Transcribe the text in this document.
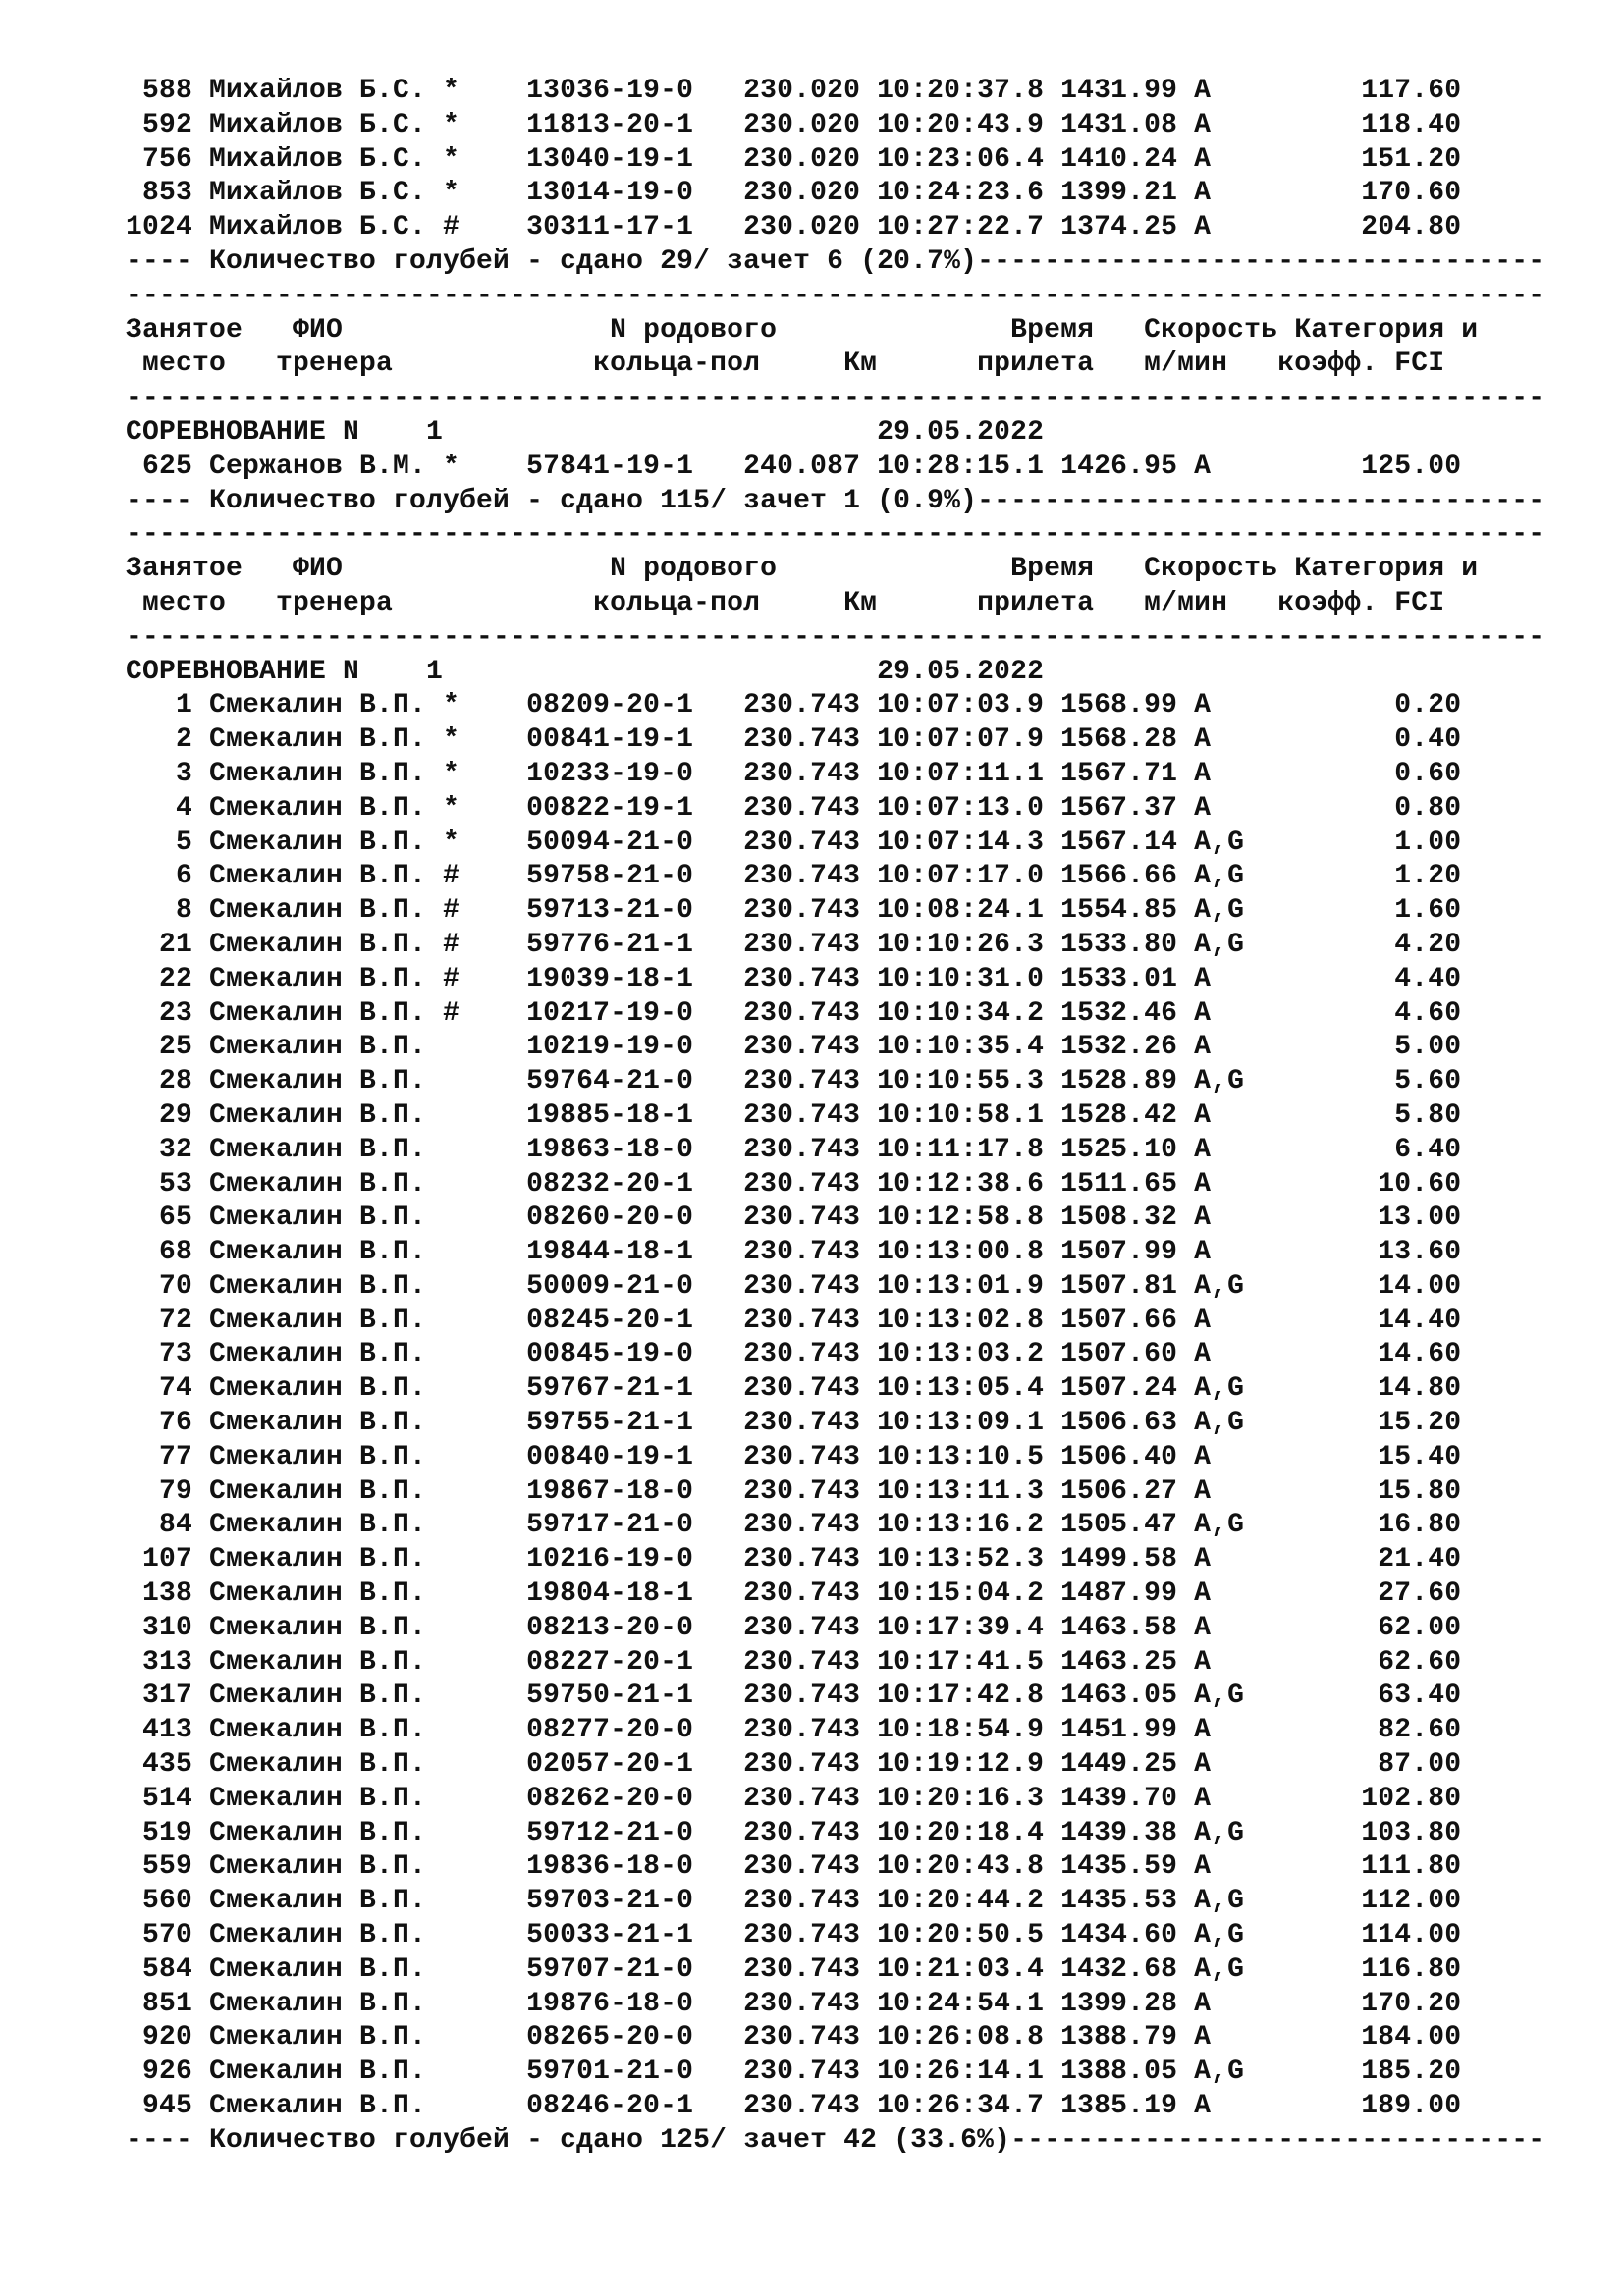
588 Михайлов Б.С. *    13036-19-0   230.020 10:20:37.8 1431.99 A         117.60
592 Михайлов Б.С. *    11813-20-1   230.020 10:20:43.9 1431.08 A         118.40
756 Михайлов Б.С. *    13040-19-1   230.020 10:23:06.4 1410.24 A         151.20
853 Михайлов Б.С. *    13014-19-0   230.020 10:24:23.6 1399.21 A         170.60
1024 Михайлов Б.С. #    30311-17-1   230.020 10:27:22.7 1374.25 A         204.80
---- Количество голубей - сдано 29/ зачет 6 (20.7%)----------------------------------
-------------------------------------------------------------------------------------
Занятое   ФИО                N родового              Время   Скорость Категория и
место   тренера            кольца-пол     Км      прилета   м/мин   коэфф. FCI
-------------------------------------------------------------------------------------
СОРЕВНОВАНИЕ N    1                          29.05.2022
625 Сержанов В.М. *    57841-19-1   240.087 10:28:15.1 1426.95 A         125.00
---- Количество голубей - сдано 115/ зачет 1 (0.9%)----------------------------------
-------------------------------------------------------------------------------------
Занятое   ФИО                N родового              Время   Скорость Категория и
место   тренера            кольца-пол     Км      прилета   м/мин   коэфф. FCI
-------------------------------------------------------------------------------------
СОРЕВНОВАНИЕ N    1                          29.05.2022
1 Смекалин В.П. *    08209-20-1   230.743 10:07:03.9 1568.99 A           0.20
2 Смекалин В.П. *    00841-19-1   230.743 10:07:07.9 1568.28 A           0.40
3 Смекалин В.П. *    10233-19-0   230.743 10:07:11.1 1567.71 A           0.60
4 Смекалин В.П. *    00822-19-1   230.743 10:07:13.0 1567.37 A           0.80
5 Смекалин В.П. *    50094-21-0   230.743 10:07:14.3 1567.14 A,G         1.00
6 Смекалин В.П. #    59758-21-0   230.743 10:07:17.0 1566.66 A,G         1.20
8 Смекалин В.П. #    59713-21-0   230.743 10:08:24.1 1554.85 A,G         1.60
21 Смекалин В.П. #    59776-21-1   230.743 10:10:26.3 1533.80 A,G         4.20
22 Смекалин В.П. #    19039-18-1   230.743 10:10:31.0 1533.01 A           4.40
23 Смекалин В.П. #    10217-19-0   230.743 10:10:34.2 1532.46 A           4.60
25 Смекалин В.П.      10219-19-0   230.743 10:10:35.4 1532.26 A           5.00
28 Смекалин В.П.      59764-21-0   230.743 10:10:55.3 1528.89 A,G         5.60
29 Смекалин В.П.      19885-18-1   230.743 10:10:58.1 1528.42 A           5.80
32 Смекалин В.П.      19863-18-0   230.743 10:11:17.8 1525.10 A           6.40
53 Смекалин В.П.      08232-20-1   230.743 10:12:38.6 1511.65 A          10.60
65 Смекалин В.П.      08260-20-0   230.743 10:12:58.8 1508.32 A          13.00
68 Смекалин В.П.      19844-18-1   230.743 10:13:00.8 1507.99 A          13.60
70 Смекалин В.П.      50009-21-0   230.743 10:13:01.9 1507.81 A,G        14.00
72 Смекалин В.П.      08245-20-1   230.743 10:13:02.8 1507.66 A          14.40
73 Смекалин В.П.      00845-19-0   230.743 10:13:03.2 1507.60 A          14.60
74 Смекалин В.П.      59767-21-1   230.743 10:13:05.4 1507.24 A,G        14.80
76 Смекалин В.П.      59755-21-1   230.743 10:13:09.1 1506.63 A,G        15.20
77 Смекалин В.П.      00840-19-1   230.743 10:13:10.5 1506.40 A          15.40
79 Смекалин В.П.      19867-18-0   230.743 10:13:11.3 1506.27 A          15.80
84 Смекалин В.П.      59717-21-0   230.743 10:13:16.2 1505.47 A,G        16.80
107 Смекалин В.П.      10216-19-0   230.743 10:13:52.3 1499.58 A          21.40
138 Смекалин В.П.      19804-18-1   230.743 10:15:04.2 1487.99 A          27.60
310 Смекалин В.П.      08213-20-0   230.743 10:17:39.4 1463.58 A          62.00
313 Смекалин В.П.      08227-20-1   230.743 10:17:41.5 1463.25 A          62.60
317 Смекалин В.П.      59750-21-1   230.743 10:17:42.8 1463.05 A,G        63.40
413 Смекалин В.П.      08277-20-0   230.743 10:18:54.9 1451.99 A          82.60
435 Смекалин В.П.      02057-20-1   230.743 10:19:12.9 1449.25 A          87.00
514 Смекалин В.П.      08262-20-0   230.743 10:20:16.3 1439.70 A         102.80
519 Смекалин В.П.      59712-21-0   230.743 10:20:18.4 1439.38 A,G       103.80
559 Смекалин В.П.      19836-18-0   230.743 10:20:43.8 1435.59 A         111.80
560 Смекалин В.П.      59703-21-0   230.743 10:20:44.2 1435.53 A,G       112.00
570 Смекалин В.П.      50033-21-1   230.743 10:20:50.5 1434.60 A,G       114.00
584 Смекалин В.П.      59707-21-0   230.743 10:21:03.4 1432.68 A,G       116.80
851 Смекалин В.П.      19876-18-0   230.743 10:24:54.1 1399.28 A         170.20
920 Смекалин В.П.      08265-20-0   230.743 10:26:08.8 1388.79 A         184.00
926 Смекалин В.П.      59701-21-0   230.743 10:26:14.1 1388.05 A,G       185.20
945 Смекалин В.П.      08246-20-1   230.743 10:26:34.7 1385.19 A         189.00
---- Количество голубей - сдано 125/ зачет 42 (33.6%)--------------------------------
